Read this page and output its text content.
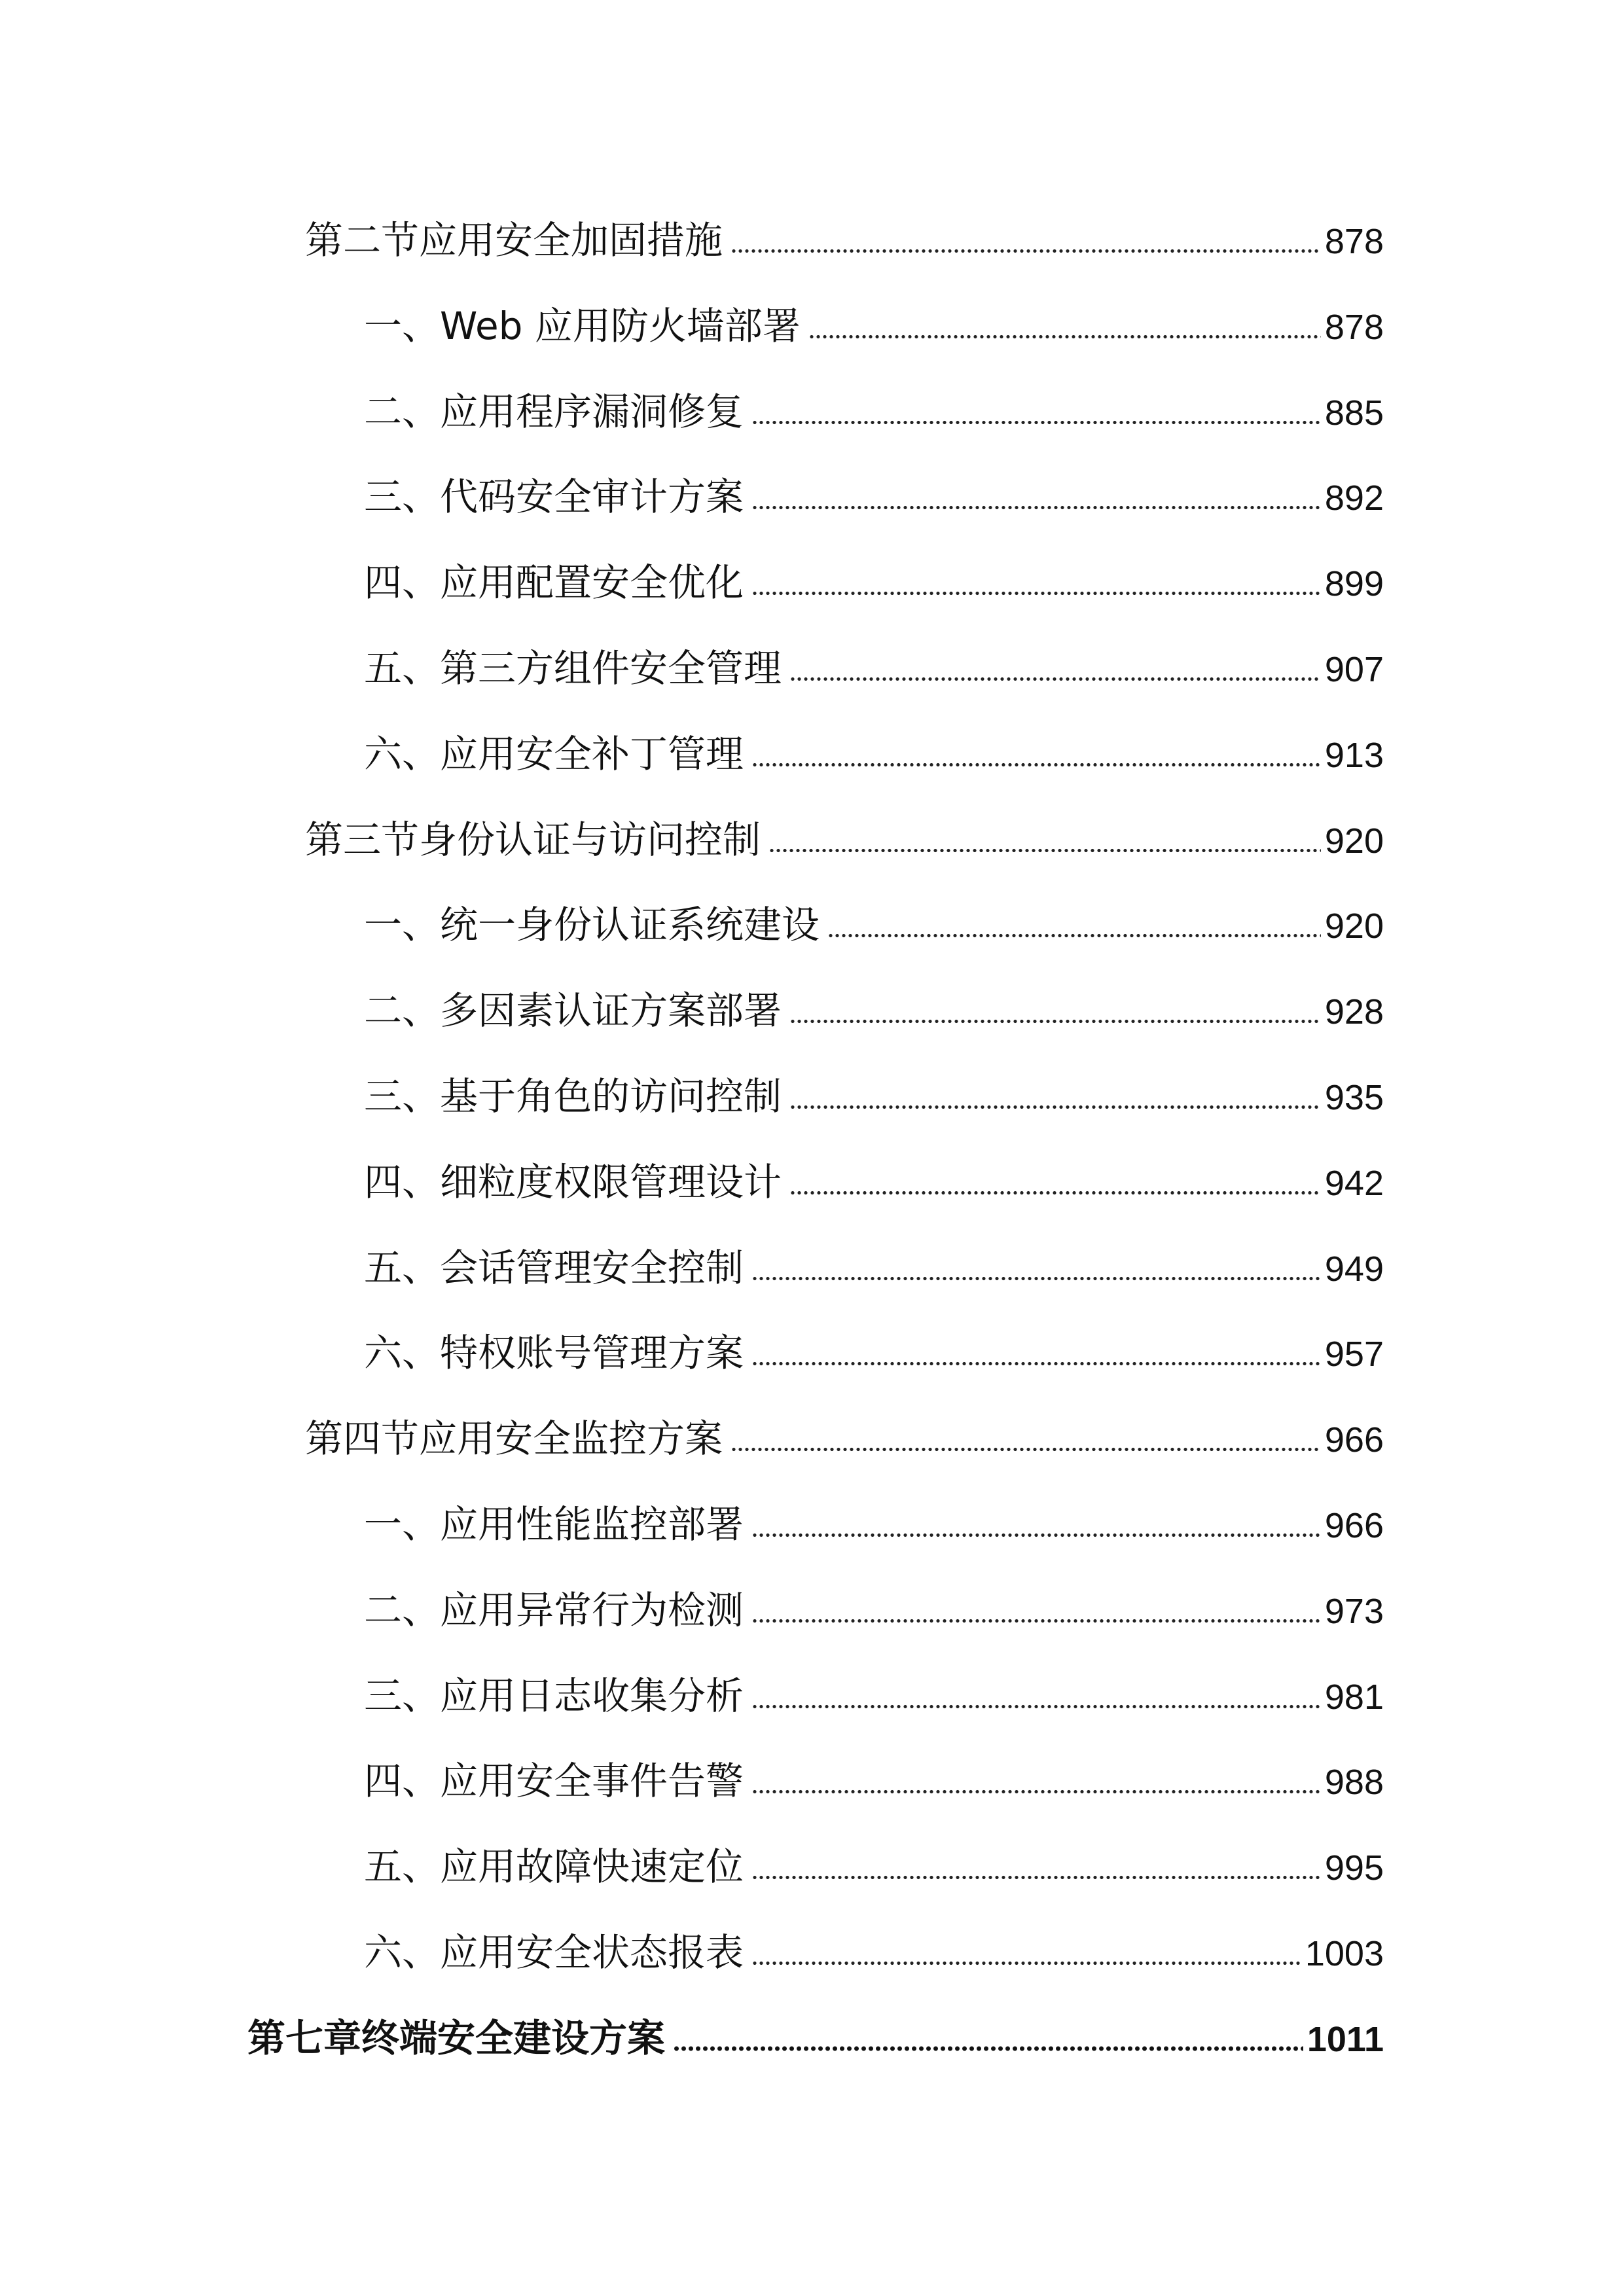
第二节应用安全加固措施	878
一、Web 应用防火墙部署	878
二、应用程序漏洞修复	885
三、代码安全审计方案	892
四、应用配置安全优化	899
五、第三方组件安全管理	907
六、应用安全补丁管理	913
第三节身份认证与访问控制	920
一、统一身份认证系统建设	920
二、多因素认证方案部署	928
三、基于角色的访问控制	935
四、细粒度权限管理设计	942
五、会话管理安全控制	949
六、特权账号管理方案	957
第四节应用安全监控方案	966
一、应用性能监控部署	966
二、应用异常行为检测	973
三、应用日志收集分析	981
四、应用安全事件告警	988
五、应用故障快速定位	995
六、应用安全状态报表	1003
第七章终端安全建设方案	1011
